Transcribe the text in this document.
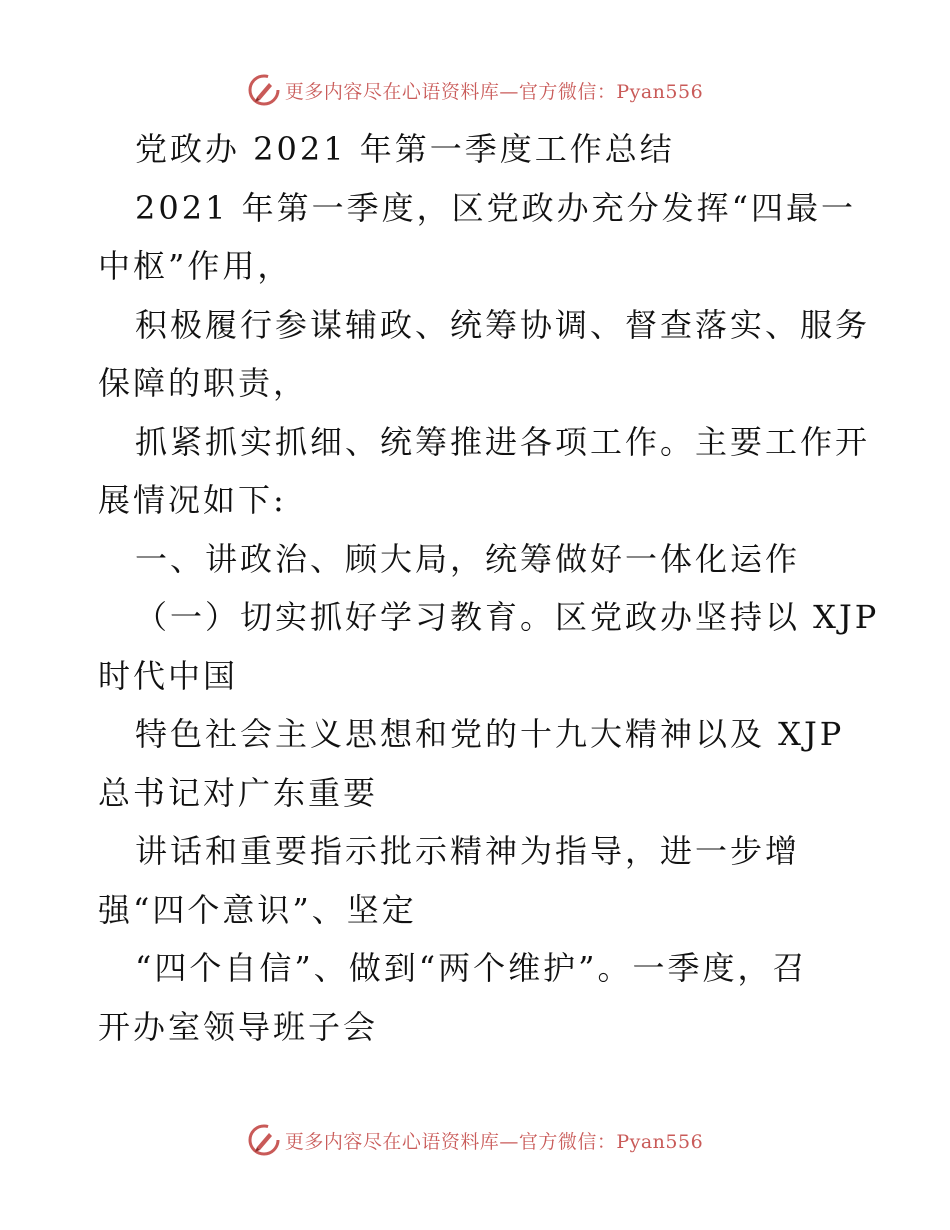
更多内容尽在心语资料库—官方微信：Pyan556
党政办 2021 年第一季度工作总结
2021 年第一季度，区党政办充分发挥“四最一
中枢”作用，
积极履行参谋辅政、统筹协调、督查落实、服务
保障的职责，
抓紧抓实抓细、统筹推进各项工作。主要工作开
展情况如下:
一、讲政治、顾大局，统筹做好一体化运作
（一）切实抓好学习教育。区党政办坚持以 XJP
时代中国
特色社会主义思想和党的十九大精神以及 XJP
总书记对广东重要
讲话和重要指示批示精神为指导，进一步增
强“四个意识”、坚定
“四个自信”、做到“两个维护”。一季度，召
开办室领导班子会
更多内容尽在心语资料库—官方微信：Pyan556
